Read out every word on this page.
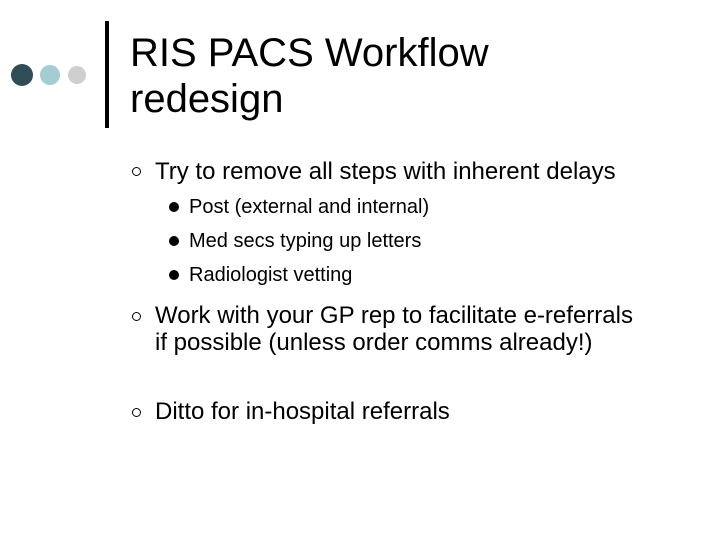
RIS PACS Workflow
redesign
Try to remove all steps with inherent delays
Post (external and internal)
Med secs typing up letters
Radiologist vetting
Work with your GP rep to facilitate e-referrals if possible (unless order comms already!)
Ditto for in-hospital referrals
